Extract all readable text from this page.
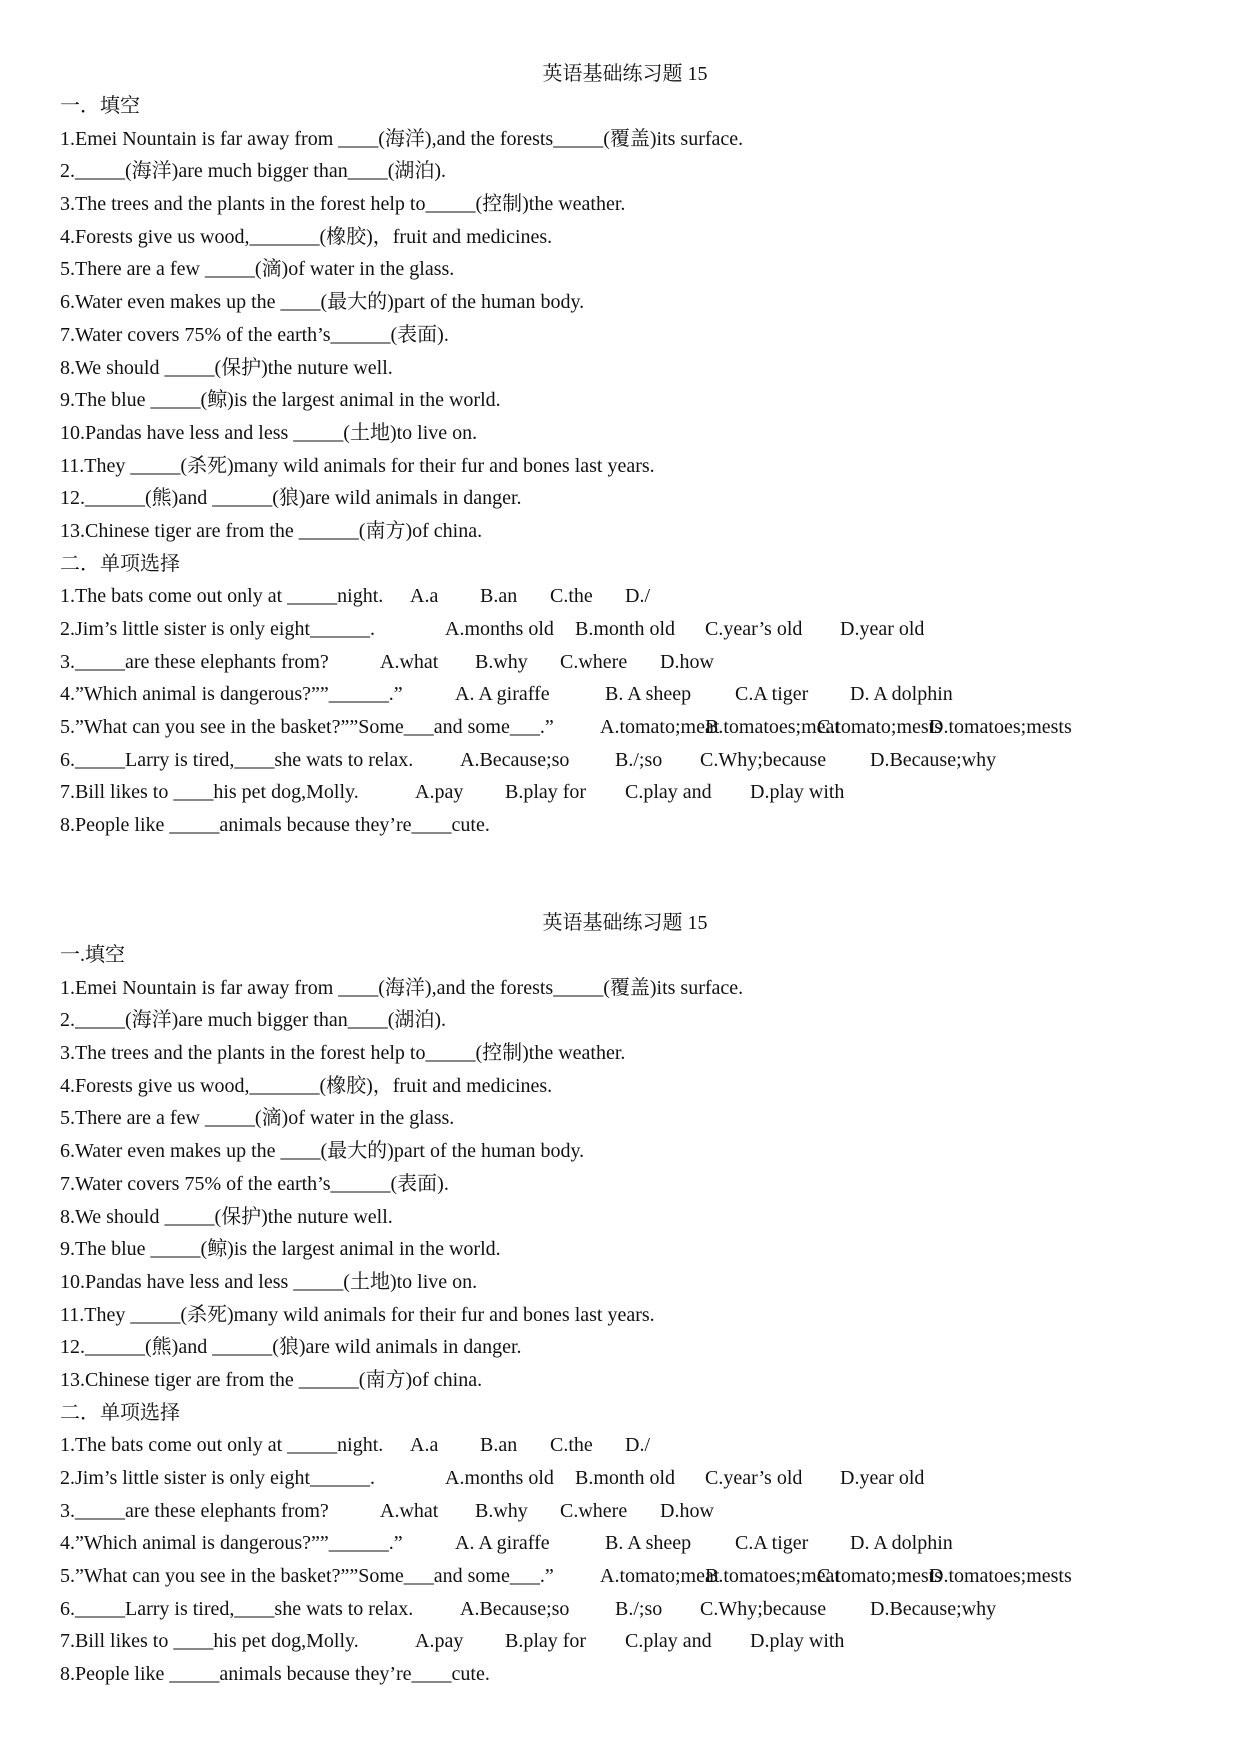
英语基础练习题 15
一．填空
1.Emei Nountain is far away from ____(海洋),and the forests_____(覆盖)its surface.
2._____(海洋)are much bigger than____(湖泊).
3.The trees and the plants in the forest help to_____(控制)the weather.
4.Forests give us wood,_______(橡胶)，fruit and medicines.
5.There are a few _____(滴)of water in the glass.
6.Water even makes up the ____(最大的)part of the human body.
7.Water covers 75% of the earth’s______(表面).
8.We should _____(保护)the nuture well.
9.The blue _____(鲸)is the largest animal in the world.
10.Pandas have less and less _____(土地)to live on.
11.They _____(杀死)many wild animals for their fur and bones last years.
12.______(熊)and ______(狼)are wild animals in danger.
13.Chinese tiger are from the ______(南方)of china.
二．单项选择
1.The bats come out only at _____night. A.a B.an C.the D./
2.Jim’s little sister is only eight______.	A.months old B.month old C.year’s old D.year old
3._____are these elephants from?	A.what B.why C.where D.how
4.”Which animal is dangerous?””______.”	A. A giraffe	B. A sheep C.A tiger D. A dolphin
5.”What can you see in the basket?””Some___and some___.” A.tomato;meat
B.tomatoes;meat
C.tomato;mests
D.tomatoes;mests
6._____Larry is tired,____she wats to relax. A.Because;so B./;so C.Why;because D.Because;why
7.Bill likes to ____his pet dog,Molly.	A.pay B.play for C.play and D.play with
8.People like _____animals because they’re____cute.
英语基础练习题 15
一.填空
1.Emei Nountain is far away from ____(海洋),and the forests_____(覆盖)its surface.
2._____(海洋)are much bigger than____(湖泊).
3.The trees and the plants in the forest help to_____(控制)the weather.
4.Forests give us wood,_______(橡胶)，fruit and medicines.
5.There are a few _____(滴)of water in the glass.
6.Water even makes up the ____(最大的)part of the human body.
7.Water covers 75% of the earth’s______(表面).
8.We should _____(保护)the nuture well.
9.The blue _____(鲸)is the largest animal in the world.
10.Pandas have less and less _____(土地)to live on.
11.They _____(杀死)many wild animals for their fur and bones last years.
12.______(熊)and ______(狼)are wild animals in danger.
13.Chinese tiger are from the ______(南方)of china.
二．单项选择
1.The bats come out only at _____night. A.a B.an C.the D./
2.Jim’s little sister is only eight______.	A.months old B.month old C.year’s old D.year old
3._____are these elephants from?	A.what B.why C.where D.how
4.”Which animal is dangerous?””______.”	A. A giraffe	B. A sheep C.A tiger D. A dolphin
5.”What can you see in the basket?””Some___and some___.” A.tomato;meat
B.tomatoes;meat
C.tomato;mests
D.tomatoes;mests
6._____Larry is tired,____she wats to relax. A.Because;so B./;so C.Why;because D.Because;why
7.Bill likes to ____his pet dog,Molly.	A.pay B.play for C.play and D.play with
8.People like _____animals because they’re____cute.
